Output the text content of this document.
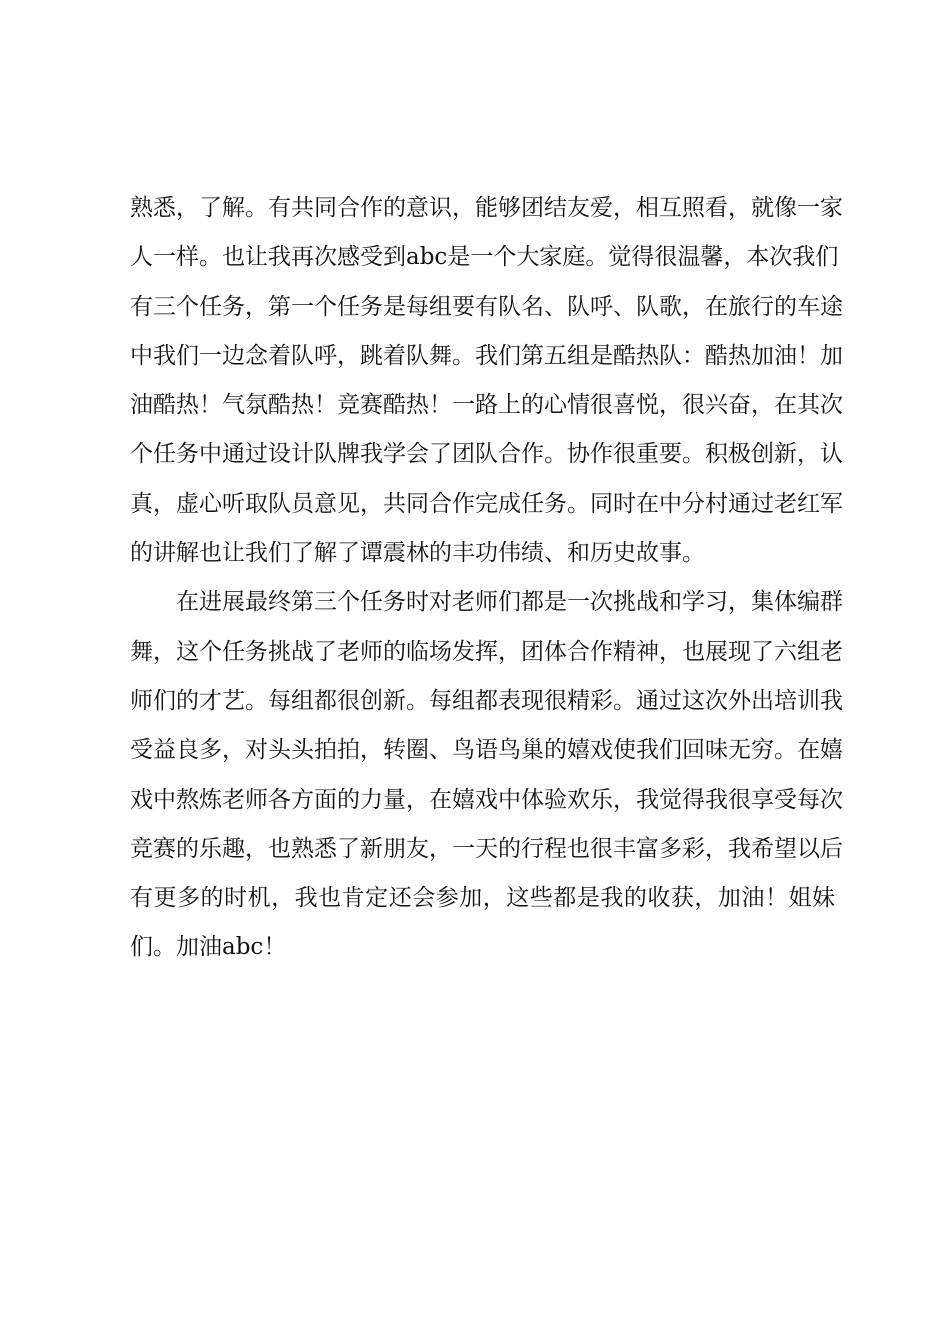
熟悉，了解。有共同合作的意识，能够团结友爱，相互照看，就像一家
人一样。也让我再次感受到abc是一个大家庭。觉得很温馨，本次我们
有三个任务，第一个任务是每组要有队名、队呼、队歌，在旅行的车途
中我们一边念着队呼，跳着队舞。我们第五组是酷热队：酷热加油！加
油酷热！气氛酷热！竞赛酷热！一路上的心情很喜悦，很兴奋，在其次
个任务中通过设计队牌我学会了团队合作。协作很重要。积极创新，认
真，虚心听取队员意见，共同合作完成任务。同时在中分村通过老红军
的讲解也让我们了解了谭震林的丰功伟绩、和历史故事。
在进展最终第三个任务时对老师们都是一次挑战和学习，集体编群
舞，这个任务挑战了老师的临场发挥，团体合作精神，也展现了六组老
师们的才艺。每组都很创新。每组都表现很精彩。通过这次外出培训我
受益良多，对头头拍拍，转圈、鸟语鸟巢的嬉戏使我们回味无穷。在嬉
戏中熬炼老师各方面的力量，在嬉戏中体验欢乐，我觉得我很享受每次
竞赛的乐趣，也熟悉了新朋友，一天的行程也很丰富多彩，我希望以后
有更多的时机，我也肯定还会参加，这些都是我的收获，加油！姐妹
们。加油abc！
